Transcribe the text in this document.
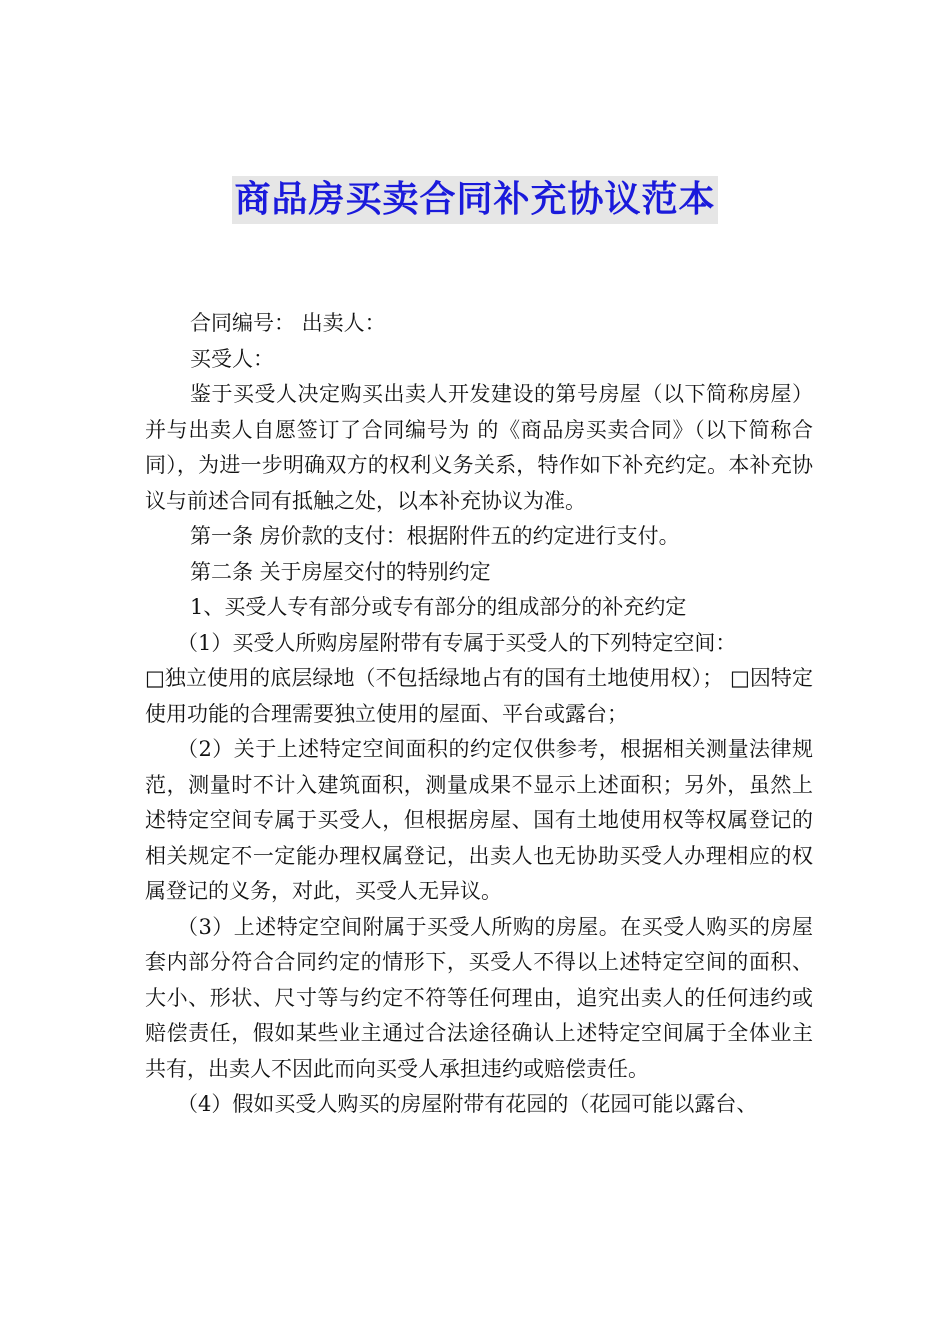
商品房买卖合同补充协议范本

合同编号： 出卖人：

买受人：

鉴于买受人决定购买出卖人开发建设的第号房屋（以下简称房屋）并与出卖人自愿签订了合同编号为 的《商品房买卖合同》（以下简称合同），为进一步明确双方的权利义务关系，特作如下补充约定。本补充协议与前述合同有抵触之处，以本补充协议为准。

第一条 房价款的支付：根据附件五的约定进行支付。

第二条 关于房屋交付的特别约定

1、买受人专有部分或专有部分的组成部分的补充约定

（1）买受人所购房屋附带有专属于买受人的下列特定空间：

□独立使用的底层绿地（不包括绿地占有的国有土地使用权）； □因特定使用功能的合理需要独立使用的屋面、平台或露台；

（2）关于上述特定空间面积的约定仅供参考，根据相关测量法律规范，测量时不计入建筑面积，测量成果不显示上述面积；另外，虽然上述特定空间专属于买受人，但根据房屋、国有土地使用权等权属登记的相关规定不一定能办理权属登记，出卖人也无协助买受人办理相应的权属登记的义务，对此，买受人无异议。

（3）上述特定空间附属于买受人所购的房屋。在买受人购买的房屋套内部分符合合同约定的情形下，买受人不得以上述特定空间的面积、大小、形状、尺寸等与约定不符等任何理由，追究出卖人的任何违约或赔偿责任，假如某些业主通过合法途径确认上述特定空间属于全体业主共有，出卖人不因此而向买受人承担违约或赔偿责任。

（4）假如买受人购买的房屋附带有花园的（花园可能以露台、
